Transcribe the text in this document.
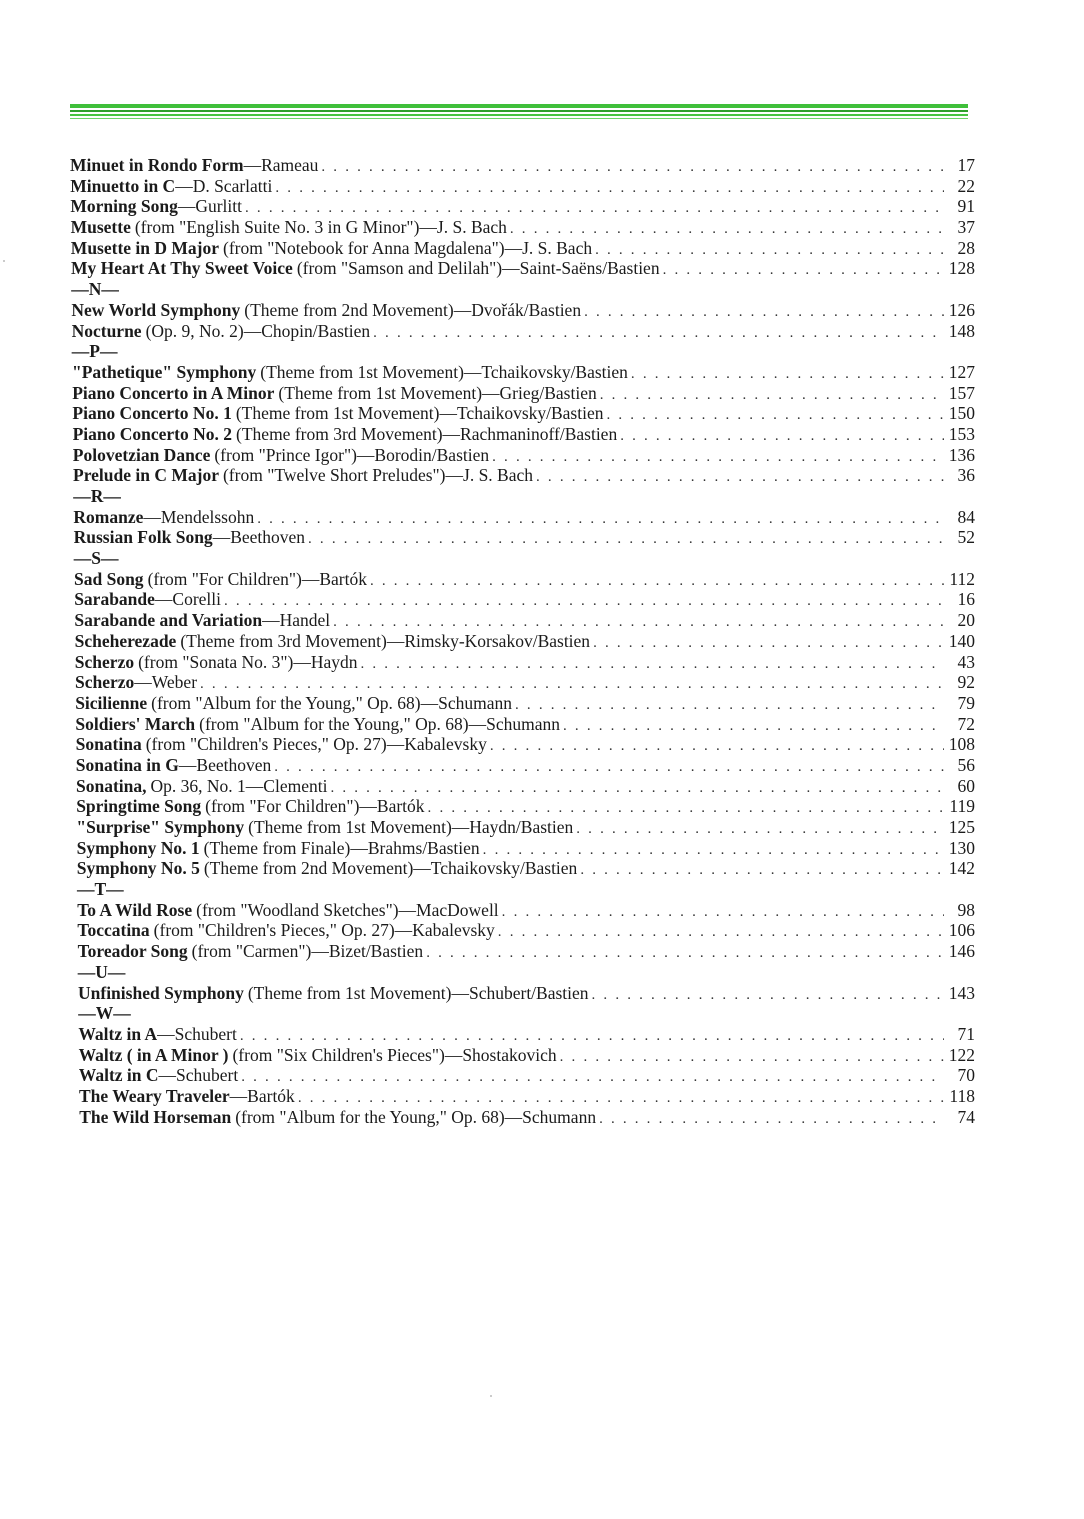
Minuet in Rondo Form —Rameau . . .	17
Minuetto in C —D. Scarlatti . . .	22
Morning Song —Gurlitt . . .	91
Musette (from "English Suite No. 3 in G Minor")—J. S. Bach . . .	37
Musette in D Major (from "Notebook for Anna Magdalena")—J. S. Bach . . .	28
My Heart At Thy Sweet Voice (from "Samson and Delilah")—Saint-Saëns/Bastien . . .	128
—N—
New World Symphony (Theme from 2nd Movement)—Dvořák/Bastien . . .	126
Nocturne (Op. 9, No. 2)—Chopin/Bastien . . .	148
—P—
"Pathetique" Symphony (Theme from 1st Movement)—Tchaikovsky/Bastien . . .	127
Piano Concerto in A Minor (Theme from 1st Movement)—Grieg/Bastien . . .	157
Piano Concerto No. 1 (Theme from 1st Movement)—Tchaikovsky/Bastien . . .	150
Piano Concerto No. 2 (Theme from 3rd Movement)—Rachmaninoff/Bastien . . .	153
Polovetzian Dance (from "Prince Igor")—Borodin/Bastien . . .	136
Prelude in C Major (from "Twelve Short Preludes")—J. S. Bach . . .	36
—R—
Romanze —Mendelssohn . . .	84
Russian Folk Song —Beethoven . . .	52
—S—
Sad Song (from "For Children")—Bartók . . .	112
Sarabande —Corelli . . .	16
Sarabande and Variation —Handel . . .	20
Scheherezade (Theme from 3rd Movement)—Rimsky-Korsakov/Bastien . . .	140
Scherzo (from "Sonata No. 3")—Haydn . . .	43
Scherzo —Weber . . .	92
Sicilienne (from "Album for the Young," Op. 68)—Schumann . . .	79
Soldiers' March (from "Album for the Young," Op. 68)—Schumann . . .	72
Sonatina (from "Children's Pieces," Op. 27)—Kabalevsky . . .	108
Sonatina in G —Beethoven . . .	56
Sonatina, Op. 36, No. 1—Clementi . . .	60
Springtime Song (from "For Children")—Bartók . . .	119
"Surprise" Symphony (Theme from 1st Movement)—Haydn/Bastien . . .	125
Symphony No. 1 (Theme from Finale)—Brahms/Bastien . . .	130
Symphony No. 5 (Theme from 2nd Movement)—Tchaikovsky/Bastien . . .	142
—T—
To A Wild Rose (from "Woodland Sketches")—MacDowell . . .	98
Toccatina (from "Children's Pieces," Op. 27)—Kabalevsky . . .	106
Toreador Song (from "Carmen")—Bizet/Bastien . . .	146
—U—
Unfinished Symphony (Theme from 1st Movement)—Schubert/Bastien . . .	143
—W—
Waltz in A —Schubert . . .	71
Waltz ( in A Minor ) (from "Six Children's Pieces")—Shostakovich . . .	122
Waltz in C —Schubert . . .	70
The Weary Traveler —Bartók . . .	118
The Wild Horseman (from "Album for the Young," Op. 68)—Schumann . . .	74
